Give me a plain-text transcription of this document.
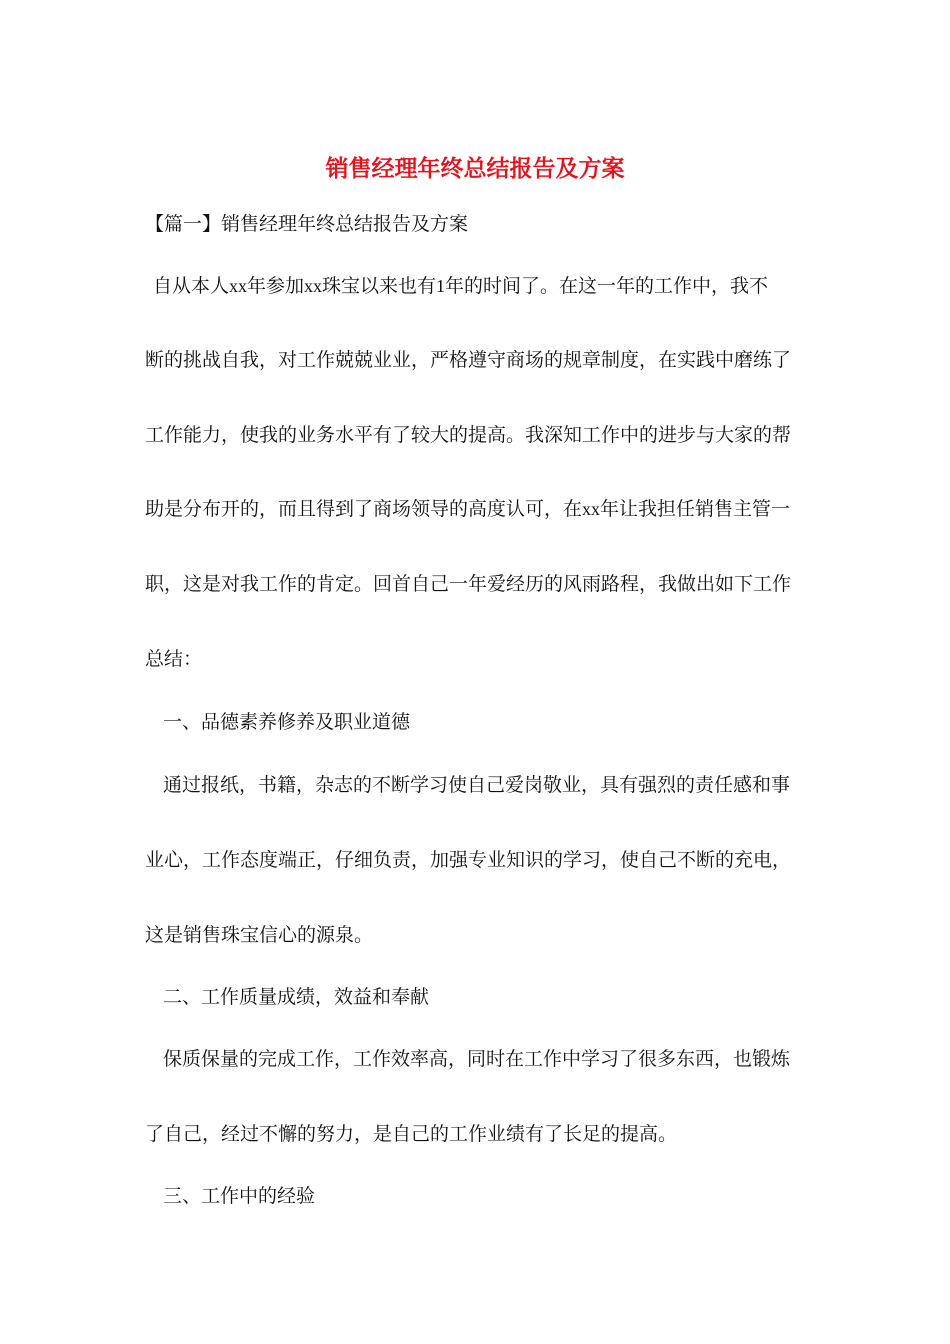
销售经理年终总结报告及方案

【篇一】销售经理年终总结报告及方案

自从本人xx年参加xx珠宝以来也有1年的时间了。在这一年的工作中，我不

断的挑战自我，对工作兢兢业业，严格遵守商场的规章制度，在实践中磨练了

工作能力，使我的业务水平有了较大的提高。我深知工作中的进步与大家的帮

助是分布开的，而且得到了商场领导的高度认可，在xx年让我担任销售主管一

职，这是对我工作的肯定。回首自己一年爱经历的风雨路程，我做出如下工作

总结：

一、品德素养修养及职业道德

通过报纸，书籍，杂志的不断学习使自己爱岗敬业，具有强烈的责任感和事

业心，工作态度端正，仔细负责，加强专业知识的学习，使自己不断的充电，

这是销售珠宝信心的源泉。

二、工作质量成绩，效益和奉献

保质保量的完成工作，工作效率高，同时在工作中学习了很多东西，也锻炼

了自己，经过不懈的努力，是自己的工作业绩有了长足的提高。

三、工作中的经验
